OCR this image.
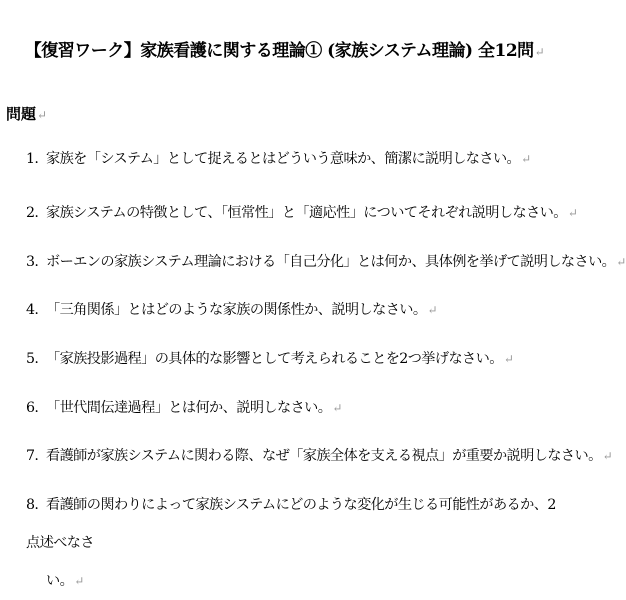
【復習ワーク】家族看護に関する理論① (家族システム理論) 全12問↵
問題↵
1. 家族を「システム」として捉えるとはどういう意味か、簡潔に説明しなさい。↵
2. 家族システムの特徴として、「恒常性」と「適応性」についてそれぞれ説明しなさい。↵
3. ボーエンの家族システム理論における「自己分化」とは何か、具体例を挙げて説明しなさい。↵
4. 「三角関係」とはどのような家族の関係性か、説明しなさい。↵
5. 「家族投影過程」の具体的な影響として考えられることを2つ挙げなさい。↵
6. 「世代間伝達過程」とは何か、説明しなさい。↵
7. 看護師が家族システムに関わる際、なぜ「家族全体を支える視点」が重要か説明しなさい。↵
8. 看護師の関わりによって家族システムにどのような変化が生じる可能性があるか、2点述べなさ
い。↵
